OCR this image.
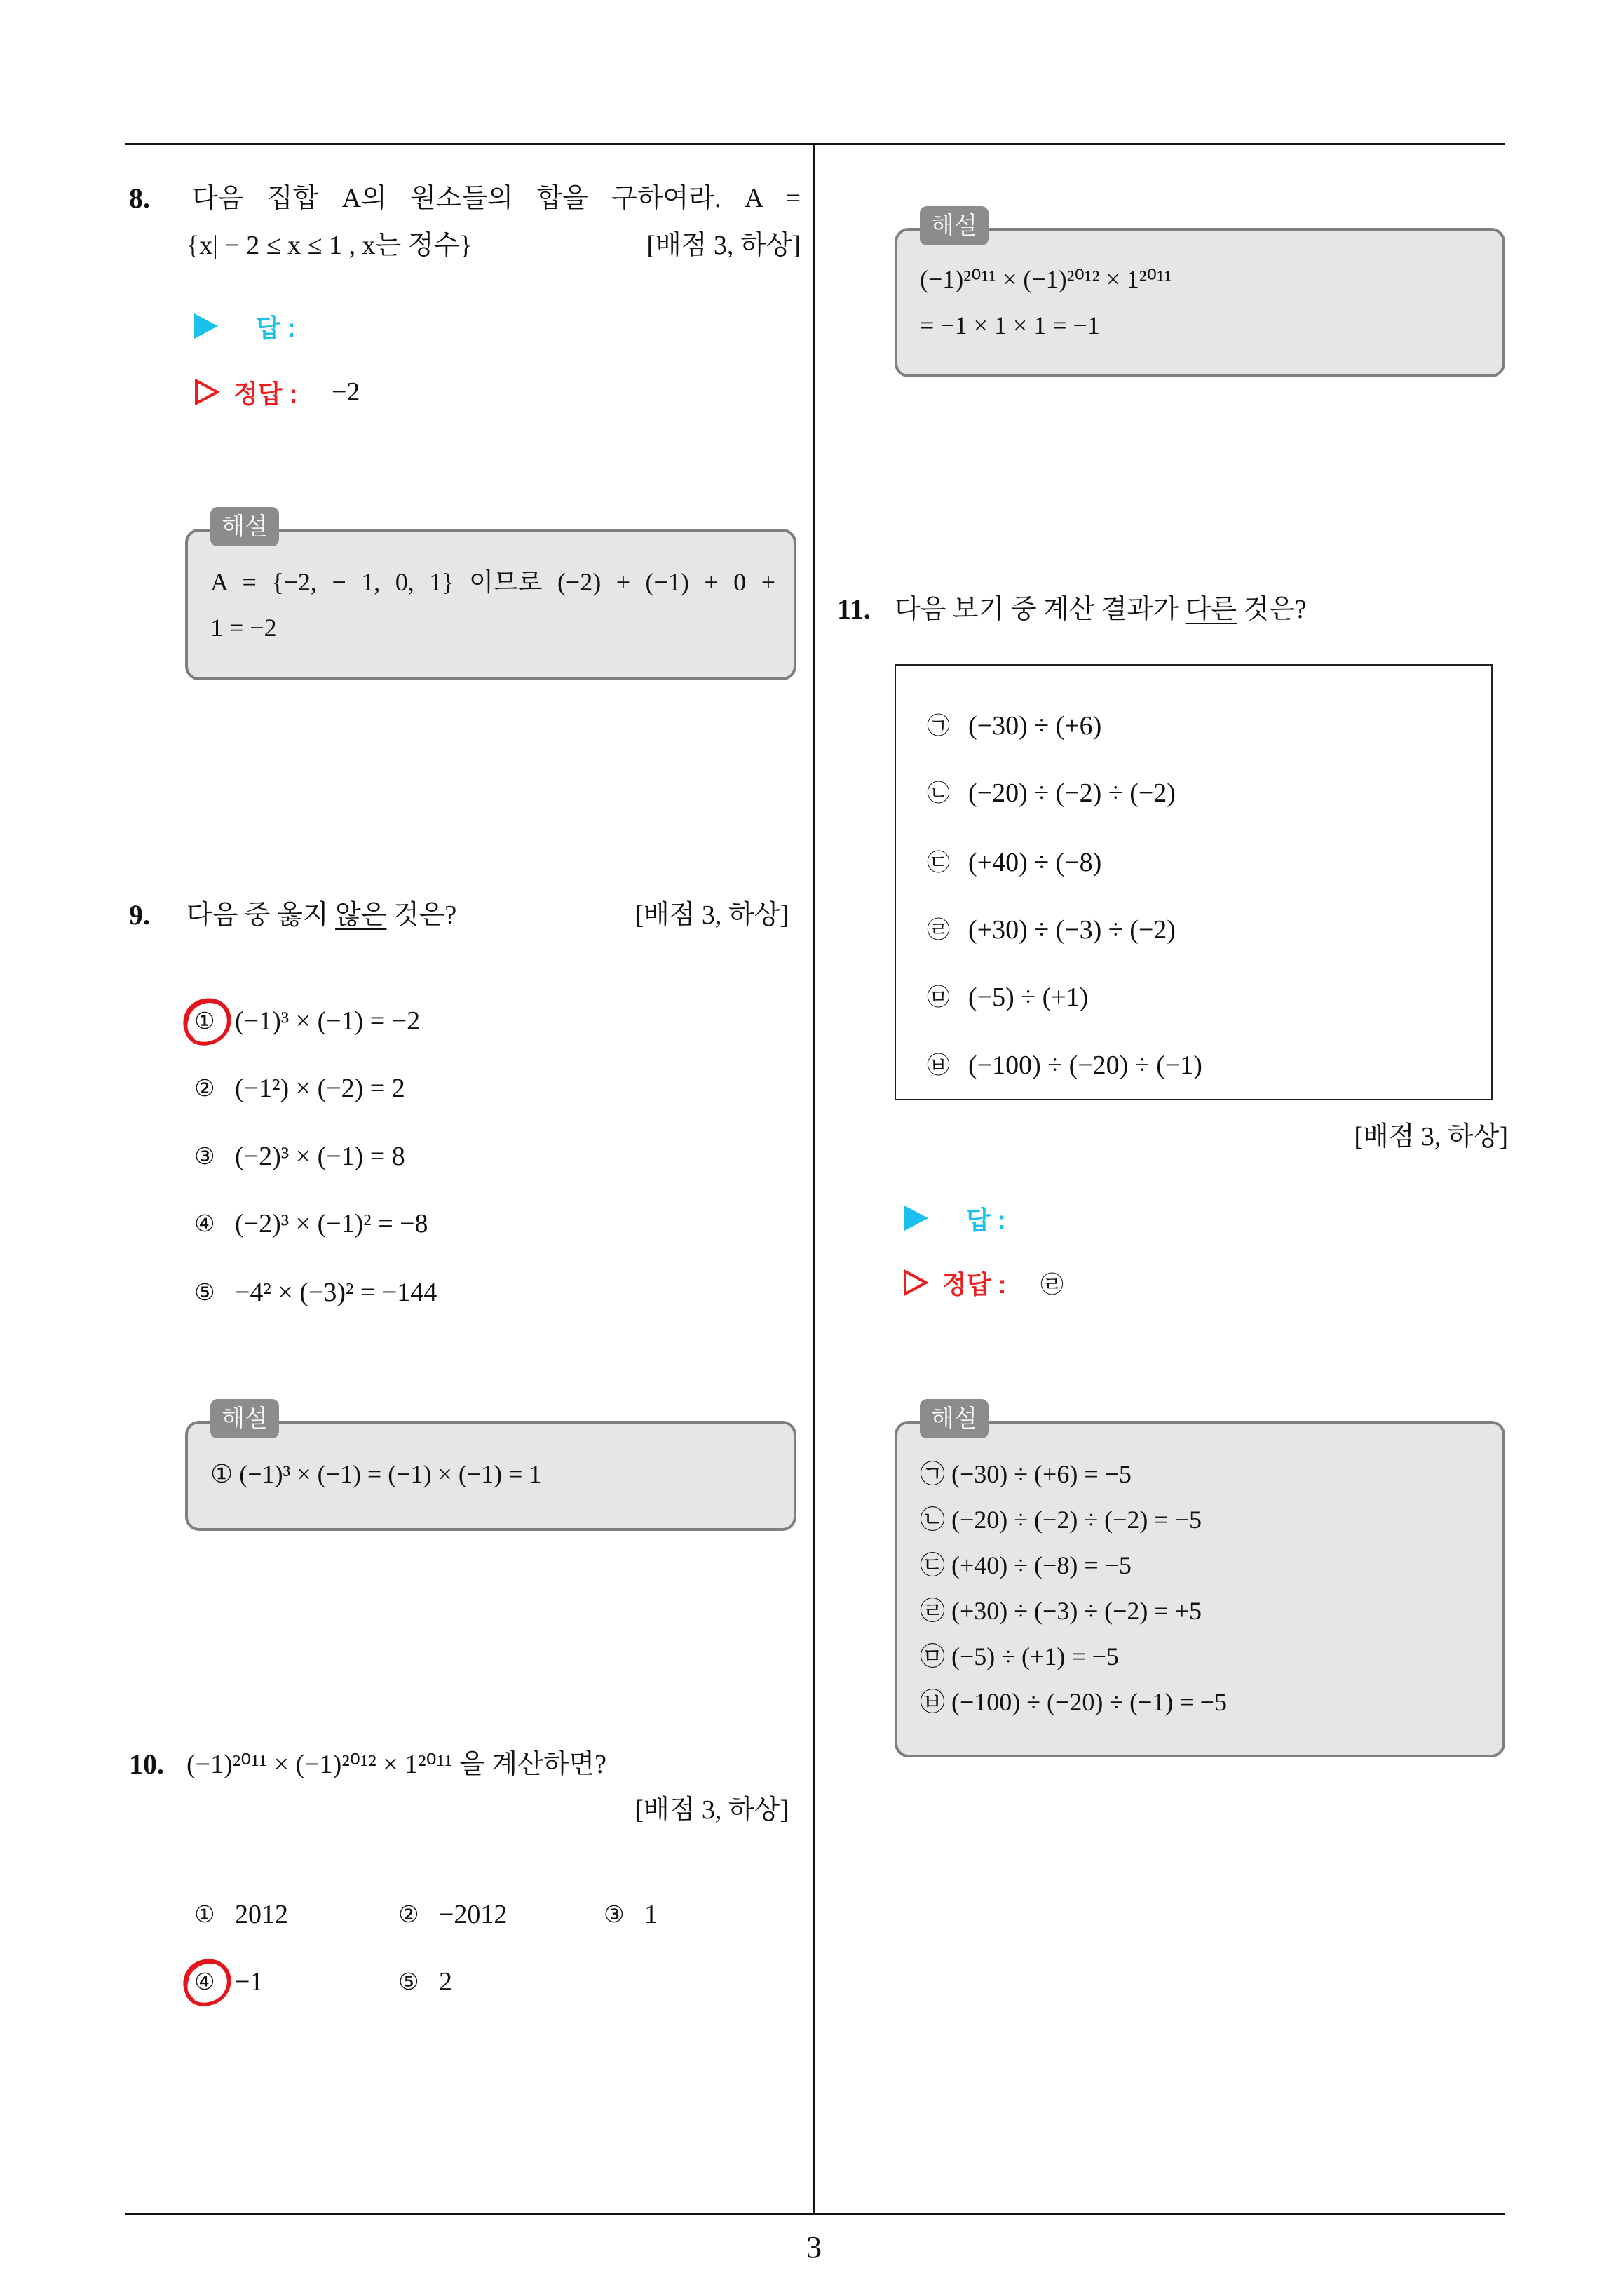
8. 다음 집합 A의 원소들의 합을 구하여라. A =
{x| − 2 ≤ x ≤ 1 , x는 정수}	[배점 3, 하상]
답 :
정답 :	−2
해설
A = {−2, − 1, 0, 1} 이므로 (−2) + (−1) + 0 +
1 = −2
9. 다음 중 옳지 않은 것은?	[배점 3, 하상]
① (−1)³ × (−1) = −2
② (−1²) × (−2) = 2
③ (−2)³ × (−1) = 8
④ (−2)³ × (−1)² = −8
⑤ −4² × (−3)² = −144
해설
① (−1)³ × (−1) = (−1) × (−1) = 1
10. (−1)²⁰¹¹ × (−1)²⁰¹² × 1²⁰¹¹ 을 계산하면?
[배점 3, 하상]
① 2012	② −2012	③ 1
④ −1	⑤ 2
해설
(−1)²⁰¹¹ × (−1)²⁰¹² × 1²⁰¹¹
= −1 × 1 × 1 = −1
11. 다음 보기 중 계산 결과가 다른 것은?
㉠ (−30) ÷ (+6)
㉡ (−20) ÷ (−2) ÷ (−2)
㉢ (+40) ÷ (−8)
㉣ (+30) ÷ (−3) ÷ (−2)
㉤ (−5) ÷ (+1)
㉥ (−100) ÷ (−20) ÷ (−1)
[배점 3, 하상]
답 :
정답 :	㉣
해설
㉠ (−30) ÷ (+6) = −5
㉡ (−20) ÷ (−2) ÷ (−2) = −5
㉢ (+40) ÷ (−8) = −5
㉣ (+30) ÷ (−3) ÷ (−2) = +5
㉤ (−5) ÷ (+1) = −5
㉥ (−100) ÷ (−20) ÷ (−1) = −5
3
